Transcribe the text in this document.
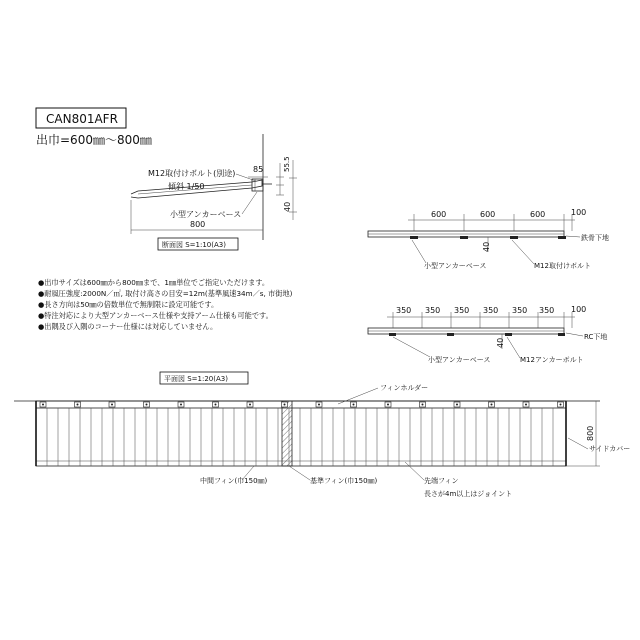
CAN801AFR
出巾=600㎜～800㎜
55.5
40
85
M12取付けボルト(別途)
傾斜 1/50
小型アンカーベース
800
断面図 S=1:10(A3)
600	600	600	100
40
鉄骨下地
小型アンカーベース	M12取付けボルト
350 350 350 350 350 350 100
40
RC下地
小型アンカーベース	M12アンカーボルト
平面図 S=1:20(A3)
800
フィンホルダー
サイドカバー
中間フィン(巾150㎜)	基準フィン(巾150㎜)	先端フィン
長さが4m以上はジョイント
●出巾サイズは600㎜から800㎜まで、1㎜単位でご指定いただけます。
●耐風圧強度:2000N／㎡, 取付け高さの目安=12m(基準風速34m／s, 市街地)
●長さ方向は50㎜の倍数単位で無制限に設定可能です。
●特注対応により大型アンカーベース仕様や支持アーム仕様も可能です。
●出隅及び入隅のコーナー仕様には対応していません。
